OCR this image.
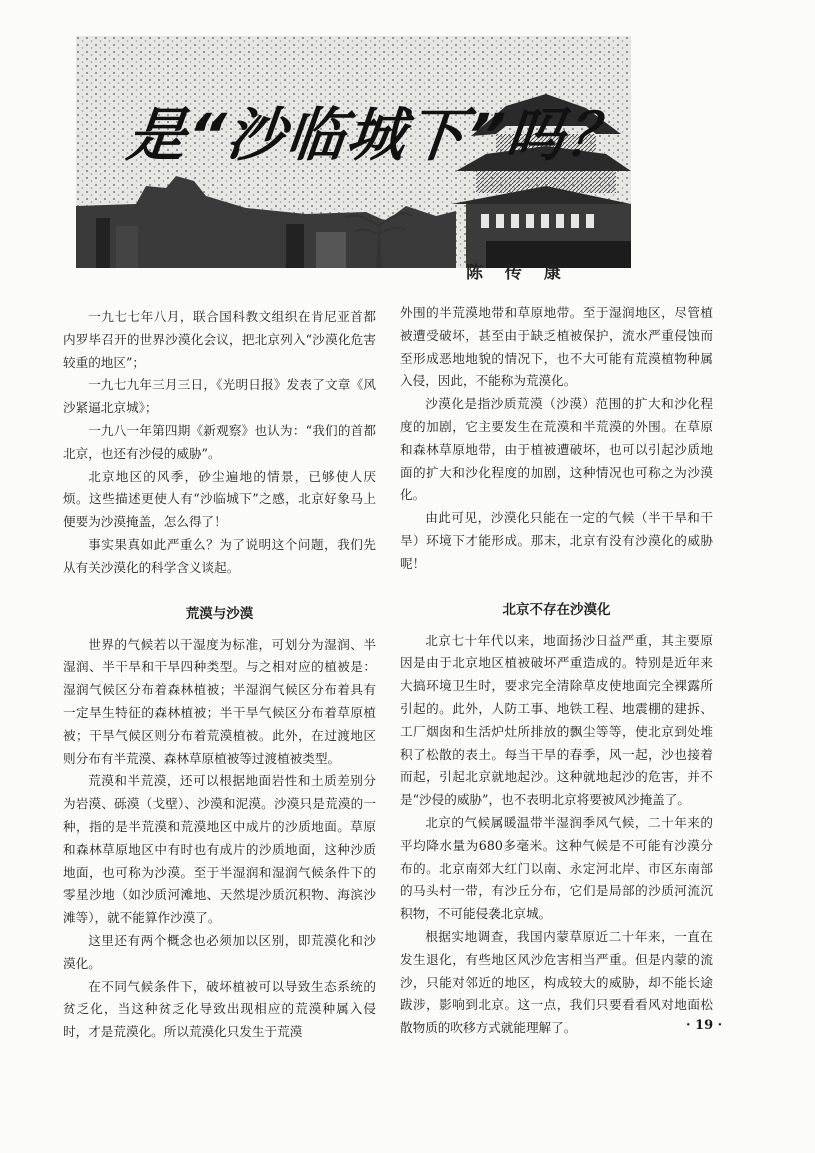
是“沙临城下”吗？
陈 传 康

一九七七年八月，联合国科教文组织在肯尼亚首都内罗毕召开的世界沙漠化会议，把北京列入“沙漠化危害较重的地区”；

一九七九年三月三日，《光明日报》发表了文章《风沙紧逼北京城》；

一九八一年第四期《新观察》也认为：“我们的首都北京，也还有沙侵的威胁”。

北京地区的风季，砂尘遍地的情景，已够使人厌烦。这些描述更使人有“沙临城下”之感，北京好象马上便要为沙漠掩盖，怎么得了！

事实果真如此严重么？为了说明这个问题，我们先从有关沙漠化的科学含义谈起。

荒漠与沙漠

世界的气候若以干湿度为标准，可划分为湿润、半湿润、半干旱和干旱四种类型。与之相对应的植被是：湿润气候区分布着森林植被；半湿润气候区分布着具有一定旱生特征的森林植被；半干旱气候区分布着草原植被；干旱气候区则分布着荒漠植被。此外，在过渡地区则分布有半荒漠、森林草原植被等过渡植被类型。

荒漠和半荒漠，还可以根据地面岩性和土质差别分为岩漠、砾漠（戈壁）、沙漠和泥漠。沙漠只是荒漠的一种，指的是半荒漠和荒漠地区中成片的沙质地面。草原和森林草原地区中有时也有成片的沙质地面，这种沙质地面，也可称为沙漠。至于半湿润和湿润气候条件下的零星沙地（如沙质河滩地、天然堤沙质沉积物、海滨沙滩等），就不能算作沙漠了。

这里还有两个概念也必须加以区别，即荒漠化和沙漠化。

在不同气候条件下，破坏植被可以导致生态系统的贫乏化，当这种贫乏化导致出现相应的荒漠种属入侵时，才是荒漠化。所以荒漠化只发生于荒漠

外围的半荒漠地带和草原地带。至于湿润地区，尽管植被遭受破坏，甚至由于缺乏植被保护，流水严重侵蚀而至形成恶地地貌的情况下，也不大可能有荒漠植物种属入侵，因此，不能称为荒漠化。

沙漠化是指沙质荒漠（沙漠）范围的扩大和沙化程度的加剧，它主要发生在荒漠和半荒漠的外围。在草原和森林草原地带，由于植被遭破坏，也可以引起沙质地面的扩大和沙化程度的加剧，这种情况也可称之为沙漠化。

由此可见，沙漠化只能在一定的气候（半干旱和干旱）环境下才能形成。那末，北京有没有沙漠化的威胁呢！

北京不存在沙漠化

北京七十年代以来，地面扬沙日益严重，其主要原因是由于北京地区植被破坏严重造成的。特别是近年来大搞环境卫生时，要求完全清除草皮使地面完全裸露所引起的。此外，人防工事、地铁工程、地震棚的建拆、工厂烟囱和生活炉灶所排放的飘尘等等，使北京到处堆积了松散的表土。每当干旱的春季，风一起，沙也接着而起，引起北京就地起沙。这种就地起沙的危害，并不是“沙侵的威胁”，也不表明北京将要被风沙掩盖了。

北京的气候属暖温带半湿润季风气候，二十年来的平均降水量为680多毫米。这种气候是不可能有沙漠分布的。北京南郊大红门以南、永定河北岸、市区东南部的马头村一带，有沙丘分布，它们是局部的沙质河流沉积物，不可能侵袭北京城。

根据实地调查，我国内蒙草原近二十年来，一直在发生退化，有些地区风沙危害相当严重。但是内蒙的流沙，只能对邻近的地区，构成较大的威胁，却不能长途跋涉，影响到北京。这一点，我们只要看看风对地面松散物质的吹移方式就能理解了。	· 19 ·
